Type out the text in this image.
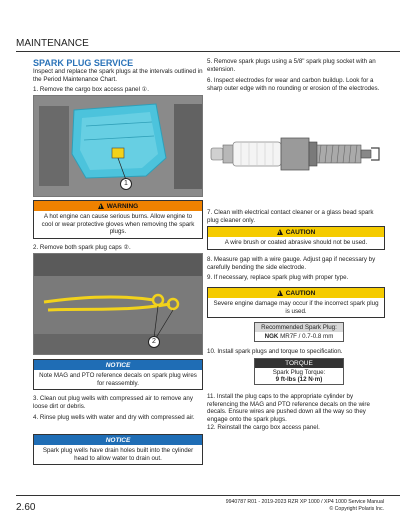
MAINTENANCE
SPARK PLUG SERVICE
Inspect and replace the spark plugs at the intervals outlined in the Period Maintenance Chart.
1. Remove the cargo box access panel ①.
1
! WARNING
A hot engine can cause serious burns. Allow engine to cool or wear protective gloves when removing the spark plugs.
2. Remove both spark plug caps ②.
2
NOTICE
Note MAG and PTO reference decals on spark plug wires for reassembly.
3. Clean out plug wells with compressed air to remove any loose dirt or debris.
4. Rinse plug wells with water and dry with compressed air.
NOTICE
Spark plug wells have drain holes built into the cylinder head to allow water to drain out.
5. Remove spark plugs using a 5/8" spark plug socket with an extension.
6. Inspect electrodes for wear and carbon buildup. Look for a sharp outer edge with no rounding or erosion of the electrodes.
7. Clean with electrical contact cleaner or a glass bead spark plug cleaner only.
! CAUTION
A wire brush or coated abrasive should not be used.
8. Measure gap with a wire gauge. Adjust gap if necessary by carefully bending the side electrode.
9. If necessary, replace spark plug with proper type.
! CAUTION
Severe engine damage may occur if the incorrect spark plug is used.
Recommended Spark Plug:
NGK MR7F / 0.7-0.8 mm
10. Install spark plugs and torque to specification.
TORQUE
Spark Plug Torque:
9 ft-lbs (12 N·m)
11. Install the plug caps to the appropriate cylinder by referencing the MAG and PTO reference decals on the wire decals. Ensure wires are pushed down all the way so they engage onto the spark plugs.
12. Reinstall the cargo box access panel.
2.60	9940787 R01 - 2019-2023 RZR XP 1000 / XP4 1000 Service Manual
© Copyright Polaris Inc.
